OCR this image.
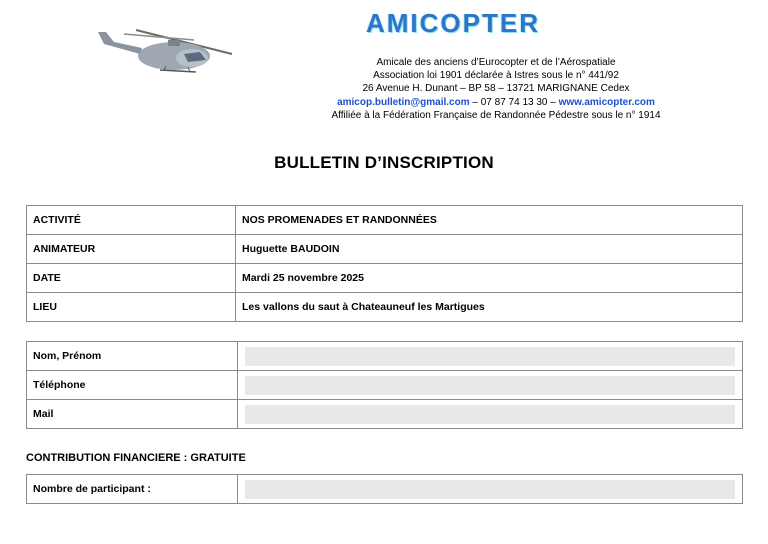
AMICOPTER
Amicale des anciens d’Eurocopter et de l’Aérospatiale
Association loi 1901 déclarée à Istres sous le n° 441/92
26 Avenue H. Dunant – BP 58 – 13721 MARIGNANE Cedex
amicop.bulletin@gmail.com – 07 87 74 13 30 – www.amicopter.com
Affiliée à la Fédération Française de Randonnée Pédestre sous le n° 1914
BULLETIN D’INSCRIPTION
ACTIVITÉ	NOS PROMENADES ET RANDONNÉES
ANIMATEUR	Huguette BAUDOIN
DATE	Mardi 25 novembre 2025
LIEU	Les vallons du saut à Chateauneuf les Martigues
Nom, Prénom	

Téléphone	

Mail	
CONTRIBUTION FINANCIERE : GRATUITE
Nombre de participant :	
